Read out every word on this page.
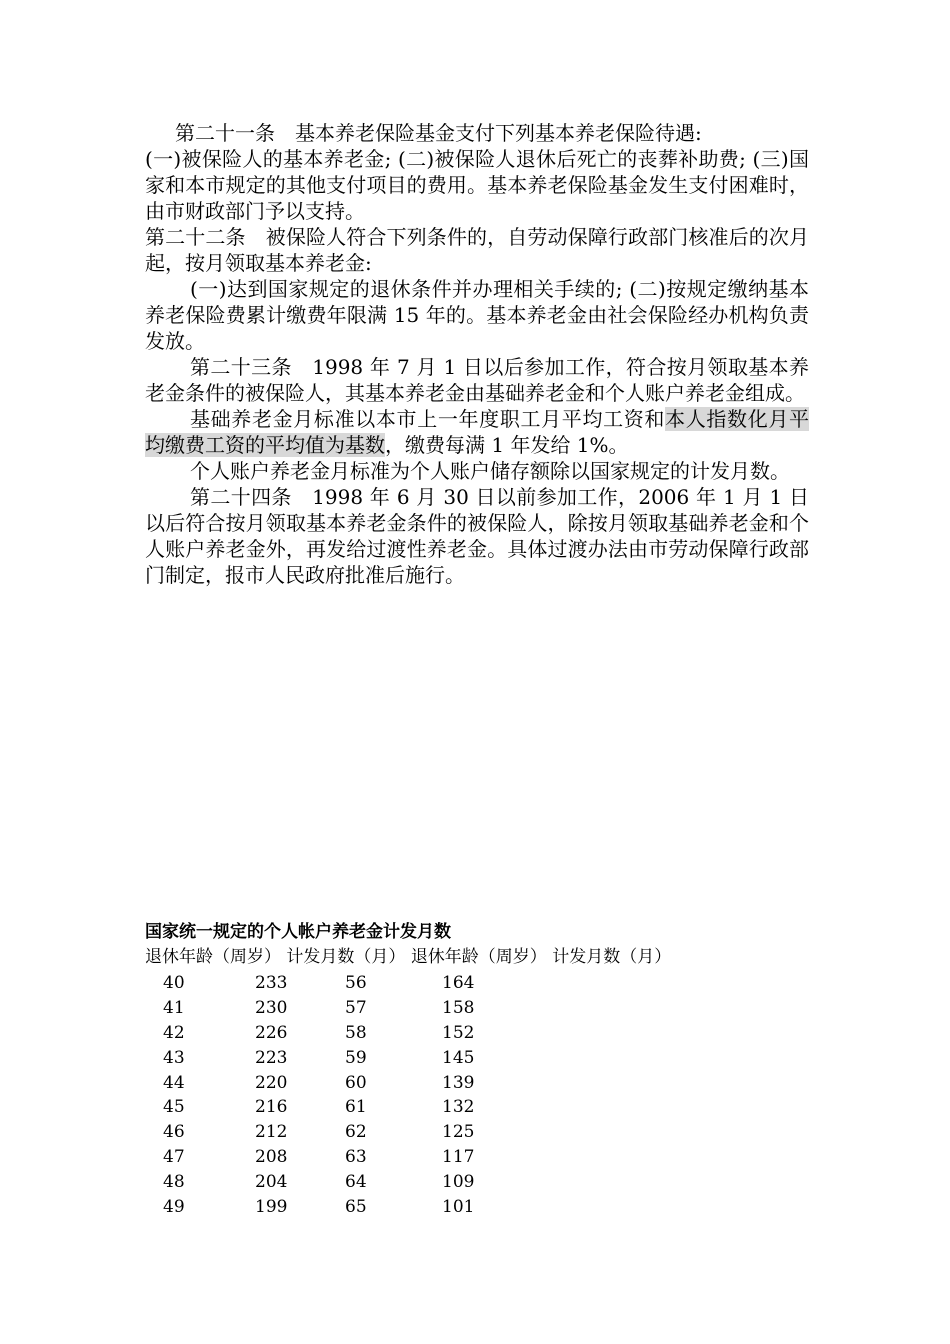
第二十一条　基本养老保险基金支付下列基本养老保险待遇:

(一)被保险人的基本养老金; (二)被保险人退休后死亡的丧葬补助费; (三)国家和本市规定的其他支付项目的费用。基本养老保险基金发生支付困难时，由市财政部门予以支持。

第二十二条　被保险人符合下列条件的，自劳动保障行政部门核准后的次月起，按月领取基本养老金:

(一)达到国家规定的退休条件并办理相关手续的; (二)按规定缴纳基本养老保险费累计缴费年限满 15 年的。基本养老金由社会保险经办机构负责发放。

第二十三条　1998 年 7 月 1 日以后参加工作，符合按月领取基本养老金条件的被保险人，其基本养老金由基础养老金和个人账户养老金组成。

基础养老金月标准以本市上一年度职工月平均工资和本人指数化月平均缴费工资的平均值为基数，缴费每满 1 年发给 1%。

个人账户养老金月标准为个人账户储存额除以国家规定的计发月数。

第二十四条　1998 年 6 月 30 日以前参加工作，2006 年 1 月 1 日以后符合按月领取基本养老金条件的被保险人，除按月领取基础养老金和个人账户养老金外，再发给过渡性养老金。具体过渡办法由市劳动保障行政部门制定，报市人民政府批准后施行。

国家统一规定的个人帐户养老金计发月数
退休年龄（周岁） 计发月数（月） 退休年龄（周岁） 计发月数（月）
40	233	56	164
41	230	57	158
42	226	58	152
43	223	59	145
44	220	60	139
45	216	61	132
46	212	62	125
47	208	63	117
48	204	64	109
49	199	65	101
